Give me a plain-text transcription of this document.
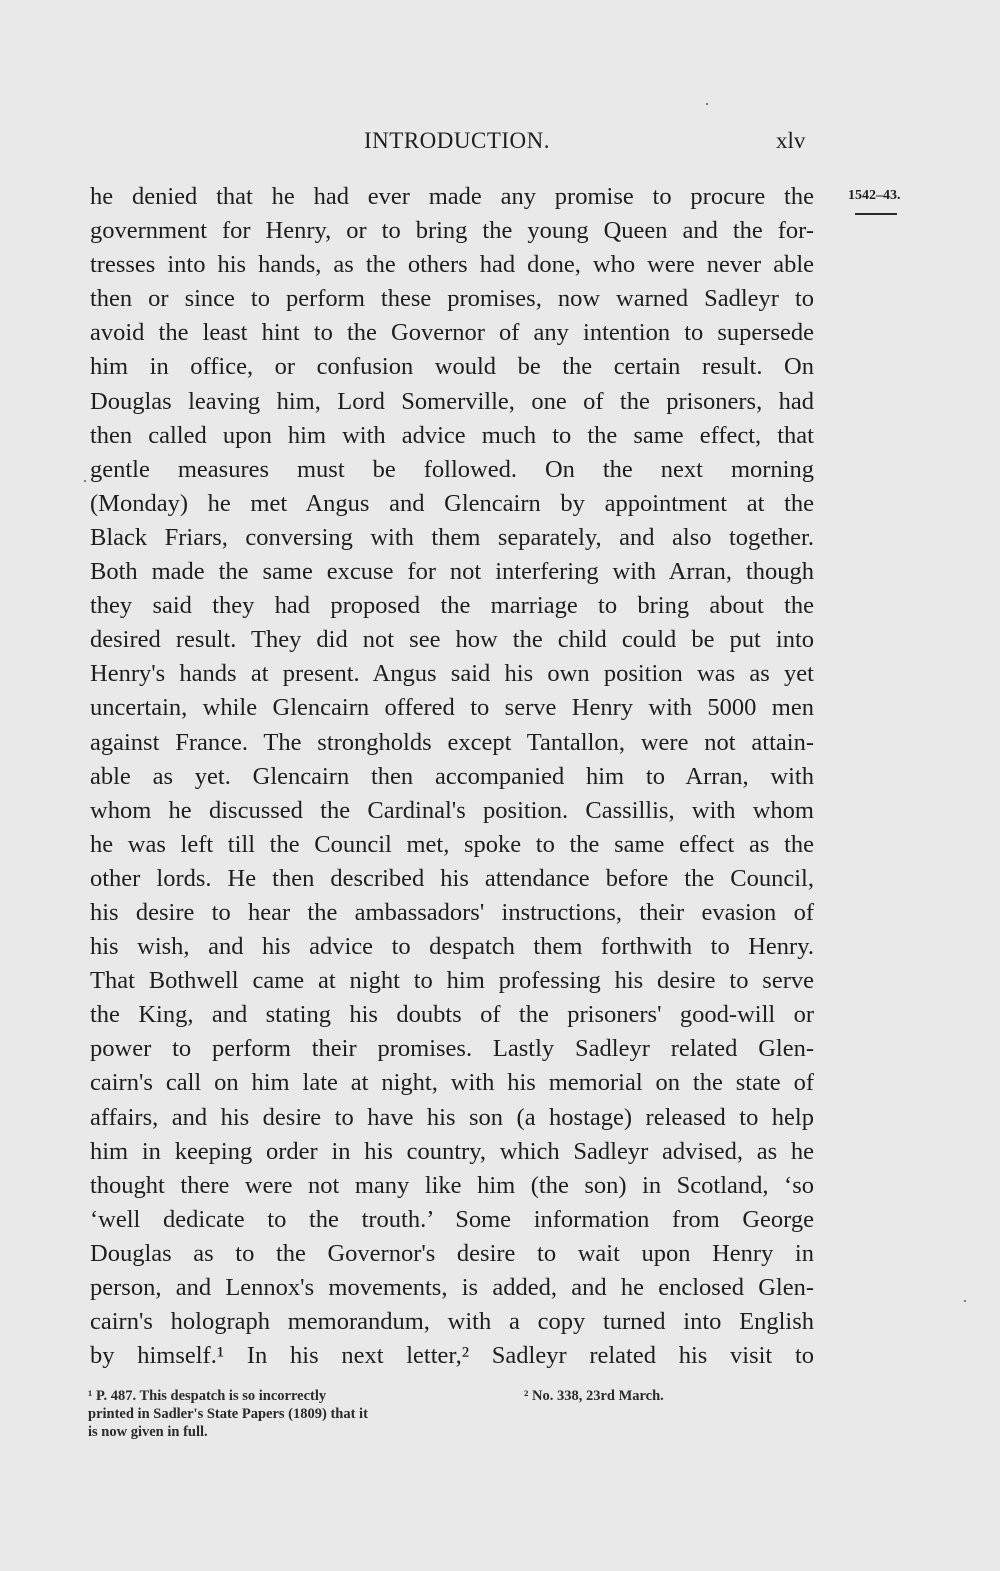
INTRODUCTION.	xlv
1542–43.
he denied that he had ever made any promise to procure the
government for Henry, or to bring the young Queen and the for-
tresses into his hands, as the others had done, who were never able
then or since to perform these promises, now warned Sadleyr to
avoid the least hint to the Governor of any intention to supersede
him in office, or confusion would be the certain result. On
Douglas leaving him, Lord Somerville, one of the prisoners, had
then called upon him with advice much to the same effect, that
gentle measures must be followed. On the next morning
(Monday) he met Angus and Glencairn by appointment at the
Black Friars, conversing with them separately, and also together.
Both made the same excuse for not interfering with Arran, though
they said they had proposed the marriage to bring about the
desired result. They did not see how the child could be put into
Henry's hands at present. Angus said his own position was as yet
uncertain, while Glencairn offered to serve Henry with 5000 men
against France. The strongholds except Tantallon, were not attain-
able as yet. Glencairn then accompanied him to Arran, with
whom he discussed the Cardinal's position. Cassillis, with whom
he was left till the Council met, spoke to the same effect as the
other lords. He then described his attendance before the Council,
his desire to hear the ambassadors' instructions, their evasion of
his wish, and his advice to despatch them forthwith to Henry.
That Bothwell came at night to him professing his desire to serve
the King, and stating his doubts of the prisoners' good-will or
power to perform their promises. Lastly Sadleyr related Glen-
cairn's call on him late at night, with his memorial on the state of
affairs, and his desire to have his son (a hostage) released to help
him in keeping order in his country, which Sadleyr advised, as he
thought there were not many like him (the son) in Scotland, ‘so
‘well dedicate to the trouth.’ Some information from George
Douglas as to the Governor's desire to wait upon Henry in
person, and Lennox's movements, is added, and he enclosed Glen-
cairn's holograph memorandum, with a copy turned into English
by himself.¹ In his next letter,² Sadleyr related his visit to
¹ P. 487. This despatch is so incorrectly
printed in Sadler's State Papers (1809) that it
is now given in full.
² No. 338, 23rd March.
